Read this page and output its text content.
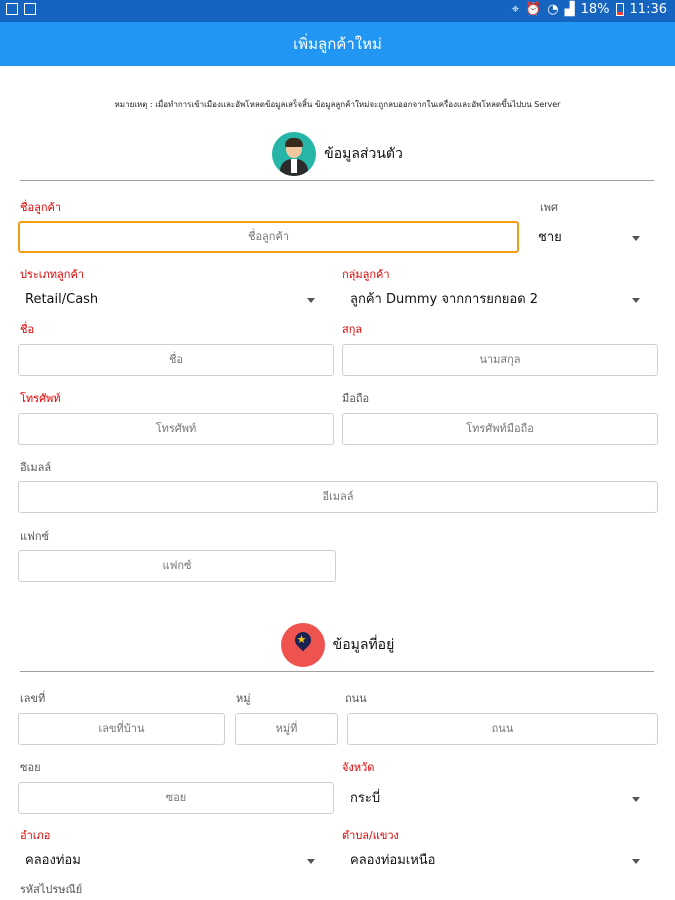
⌖ ⏰ ◔ ▟ 18% 11:36
เพิ่มลูกค้าใหม่
หมายเหตุ : เมื่อทำการเข้าเมืองและอัพโหลดข้อมูลเสร็จสิ้น ข้อมูลลูกค้าใหม่จะถูกลบออกจากในเครื่องและอัพโหลดขึ้นไปบน Server
ข้อมูลส่วนตัว
ชื่อลูกค้า
ชื่อลูกค้า
เพศ
ชาย
ประเภทลูกค้า
Retail/Cash
กลุ่มลูกค้า
ลูกค้า Dummy จากการยกยอด 2
ชื่อ
ชื่อ
สกุล
นามสกุล
โทรศัพท์
โทรศัพท์
มือถือ
โทรศัพท์มือถือ
อีเมลล์
อีเมลล์
แฟกซ์
แฟกซ์
★ ข้อมูลที่อยู่
เลขที่
เลขที่บ้าน
หมู่
หมู่ที่
ถนน
ถนน
ซอย
ซอย
จังหวัด
กระบี่
อำเภอ
คลองท่อม
ตำบล/แขวง
คลองท่อมเหนือ
รหัสไปรษณีย์
